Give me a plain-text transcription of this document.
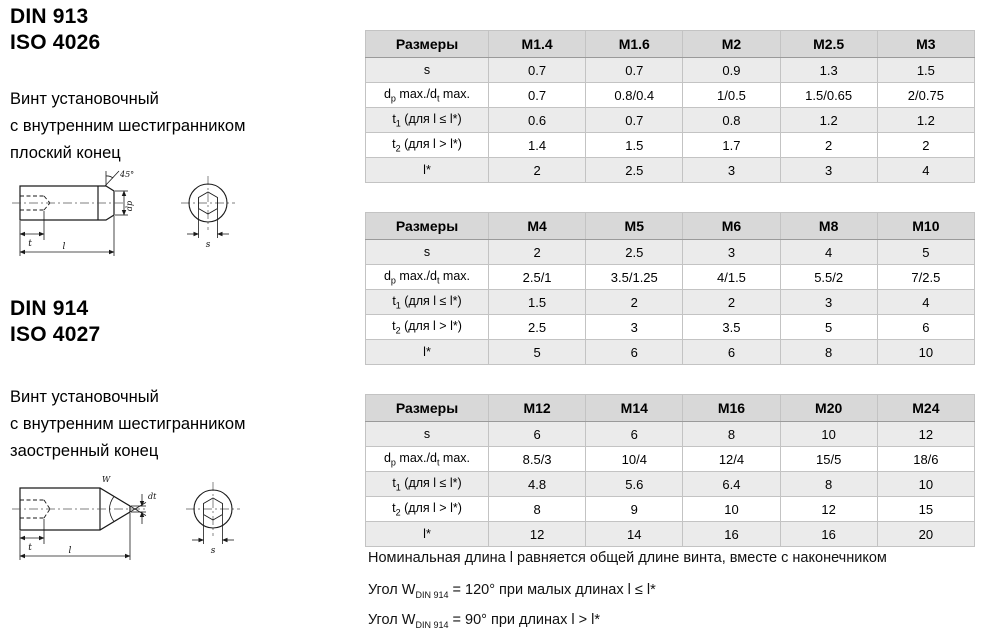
DIN 913
ISO 4026
Винт установочный
с внутренним шестигранником
плоский конец
45°
t	l
dp
s
DIN 914
ISO 4027
Винт установочный
с внутренним шестигранником
заостренный конец
W
t	l
dt
s
Размеры	M1.4	M1.6	M2	M2.5	M3
s	0.7	0.7	0.9	1.3	1.5
$d_p$ $\max./d_t$ max.	0.7	0.8/0.4	1/0.5	1.5/0.65	2/0.75
$t_1$ (для l ≤ l*)	0.6	0.7	0.8	1.2	1.2
$t_2$ (для l > l*)	1.4	1.5	1.7	2	2
l*	2	2.5	3	3	4
Размеры	M4	M5	M6	M8	M10
s	2	2.5	3	4	5
$d_p$ $\max./d_t$ max.	2.5/1	3.5/1.25	4/1.5	5.5/2	7/2.5
$t_1$ (для l ≤ l*)	1.5	2	2	3	4
$t_2$ (для l > l*)	2.5	3	3.5	5	6
l*	5	6	6	8	10
Размеры	M12	M14	M16	M20	M24
s	6	6	8	10	12
$d_p$ $\max./d_t$ max.	8.5/3	10/4	12/4	15/5	18/6
$t_1$ (для l ≤ l*)	4.8	5.6	6.4	8	10
$t_2$ (для l > l*)	8	9	10	12	15
l*	12	14	16	16	20
Номинальная длина l равняется общей длине винта, вместе с наконечником
Угол $W_{DIN 914} = 120^\circ$ при малых длинах l ≤ l*
Угол $W_{DIN 914} = 90^\circ$ при длинах l > l*
